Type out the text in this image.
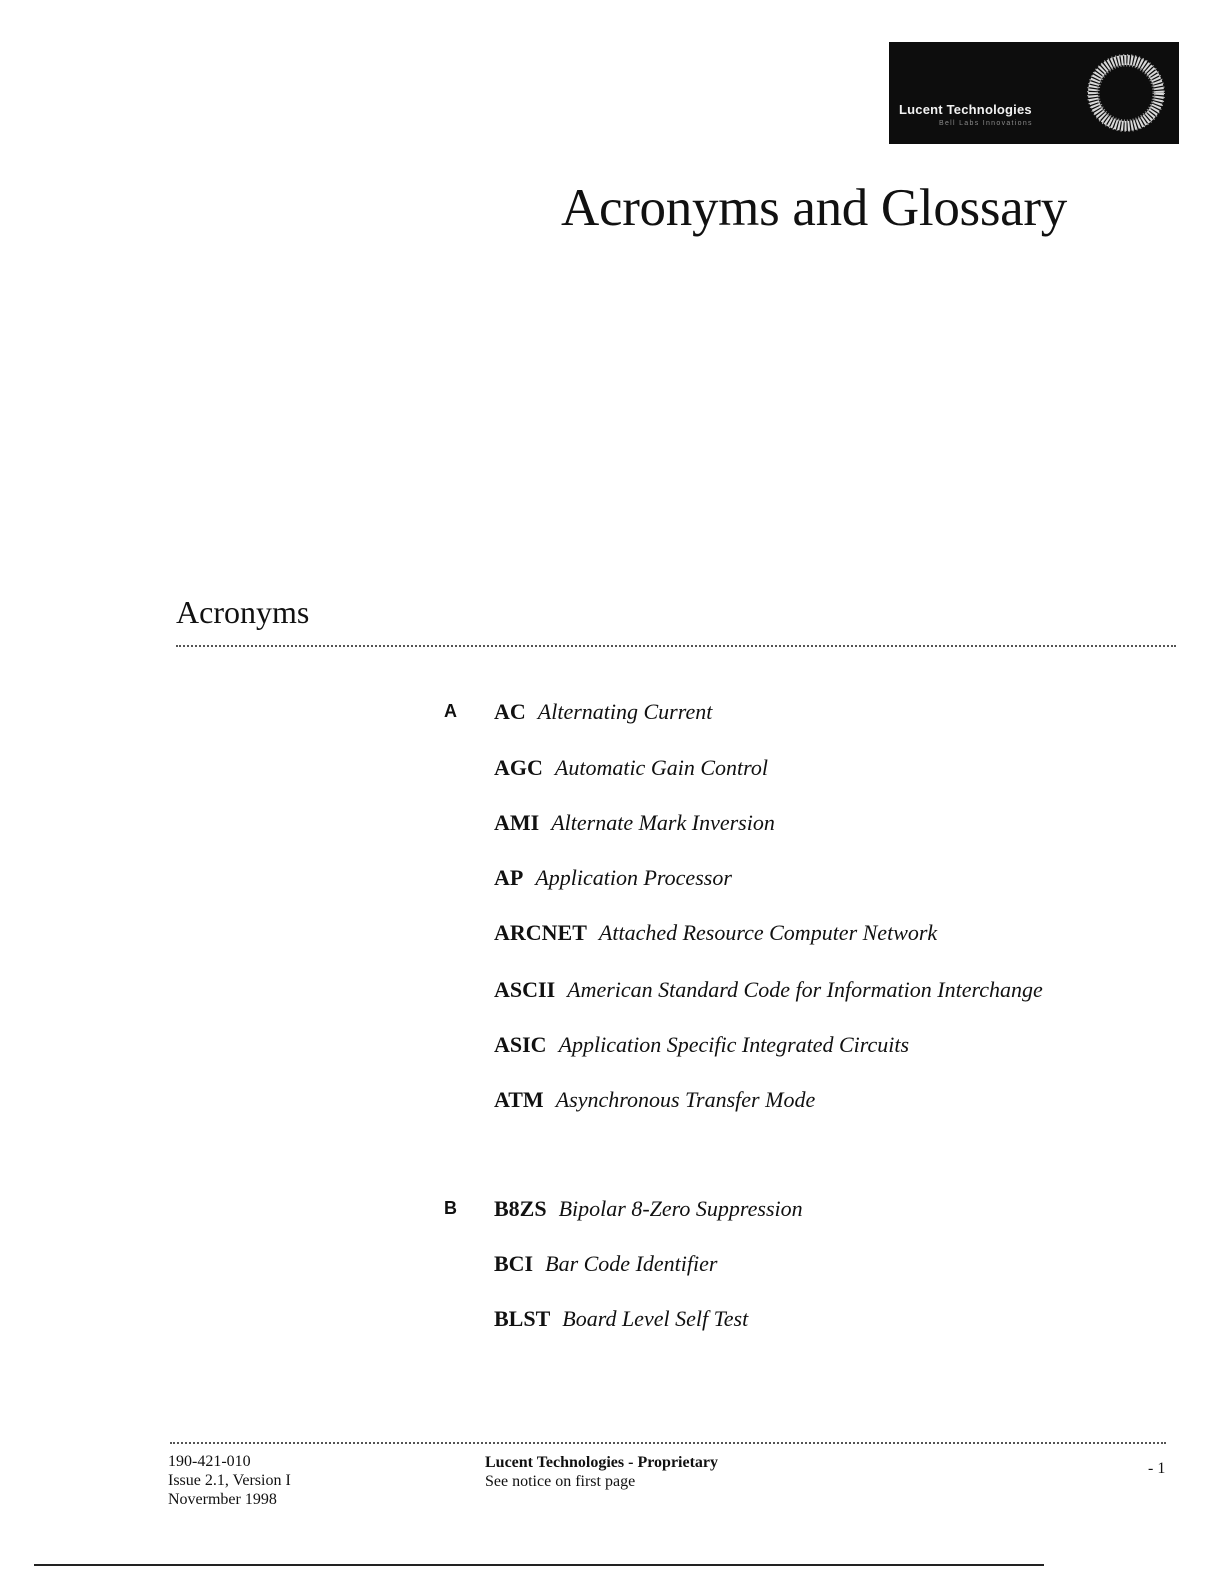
Lucent Technologies
Bell Labs Innovations
Acronyms and Glossary
Acronyms
A AC Alternating Current
AGC Automatic Gain Control
AMI Alternate Mark Inversion
AP Application Processor
ARCNET Attached Resource Computer Network
ASCII American Standard Code for Information Interchange
ASIC Application Specific Integrated Circuits
ATM Asynchronous Transfer Mode
B B8ZS Bipolar 8-Zero Suppression
BCI Bar Code Identifier
BLST Board Level Self Test
190-421-010
Issue 2.1, Version I
Novermber 1998
Lucent Technologies - Proprietary
See notice on first page
- 1
